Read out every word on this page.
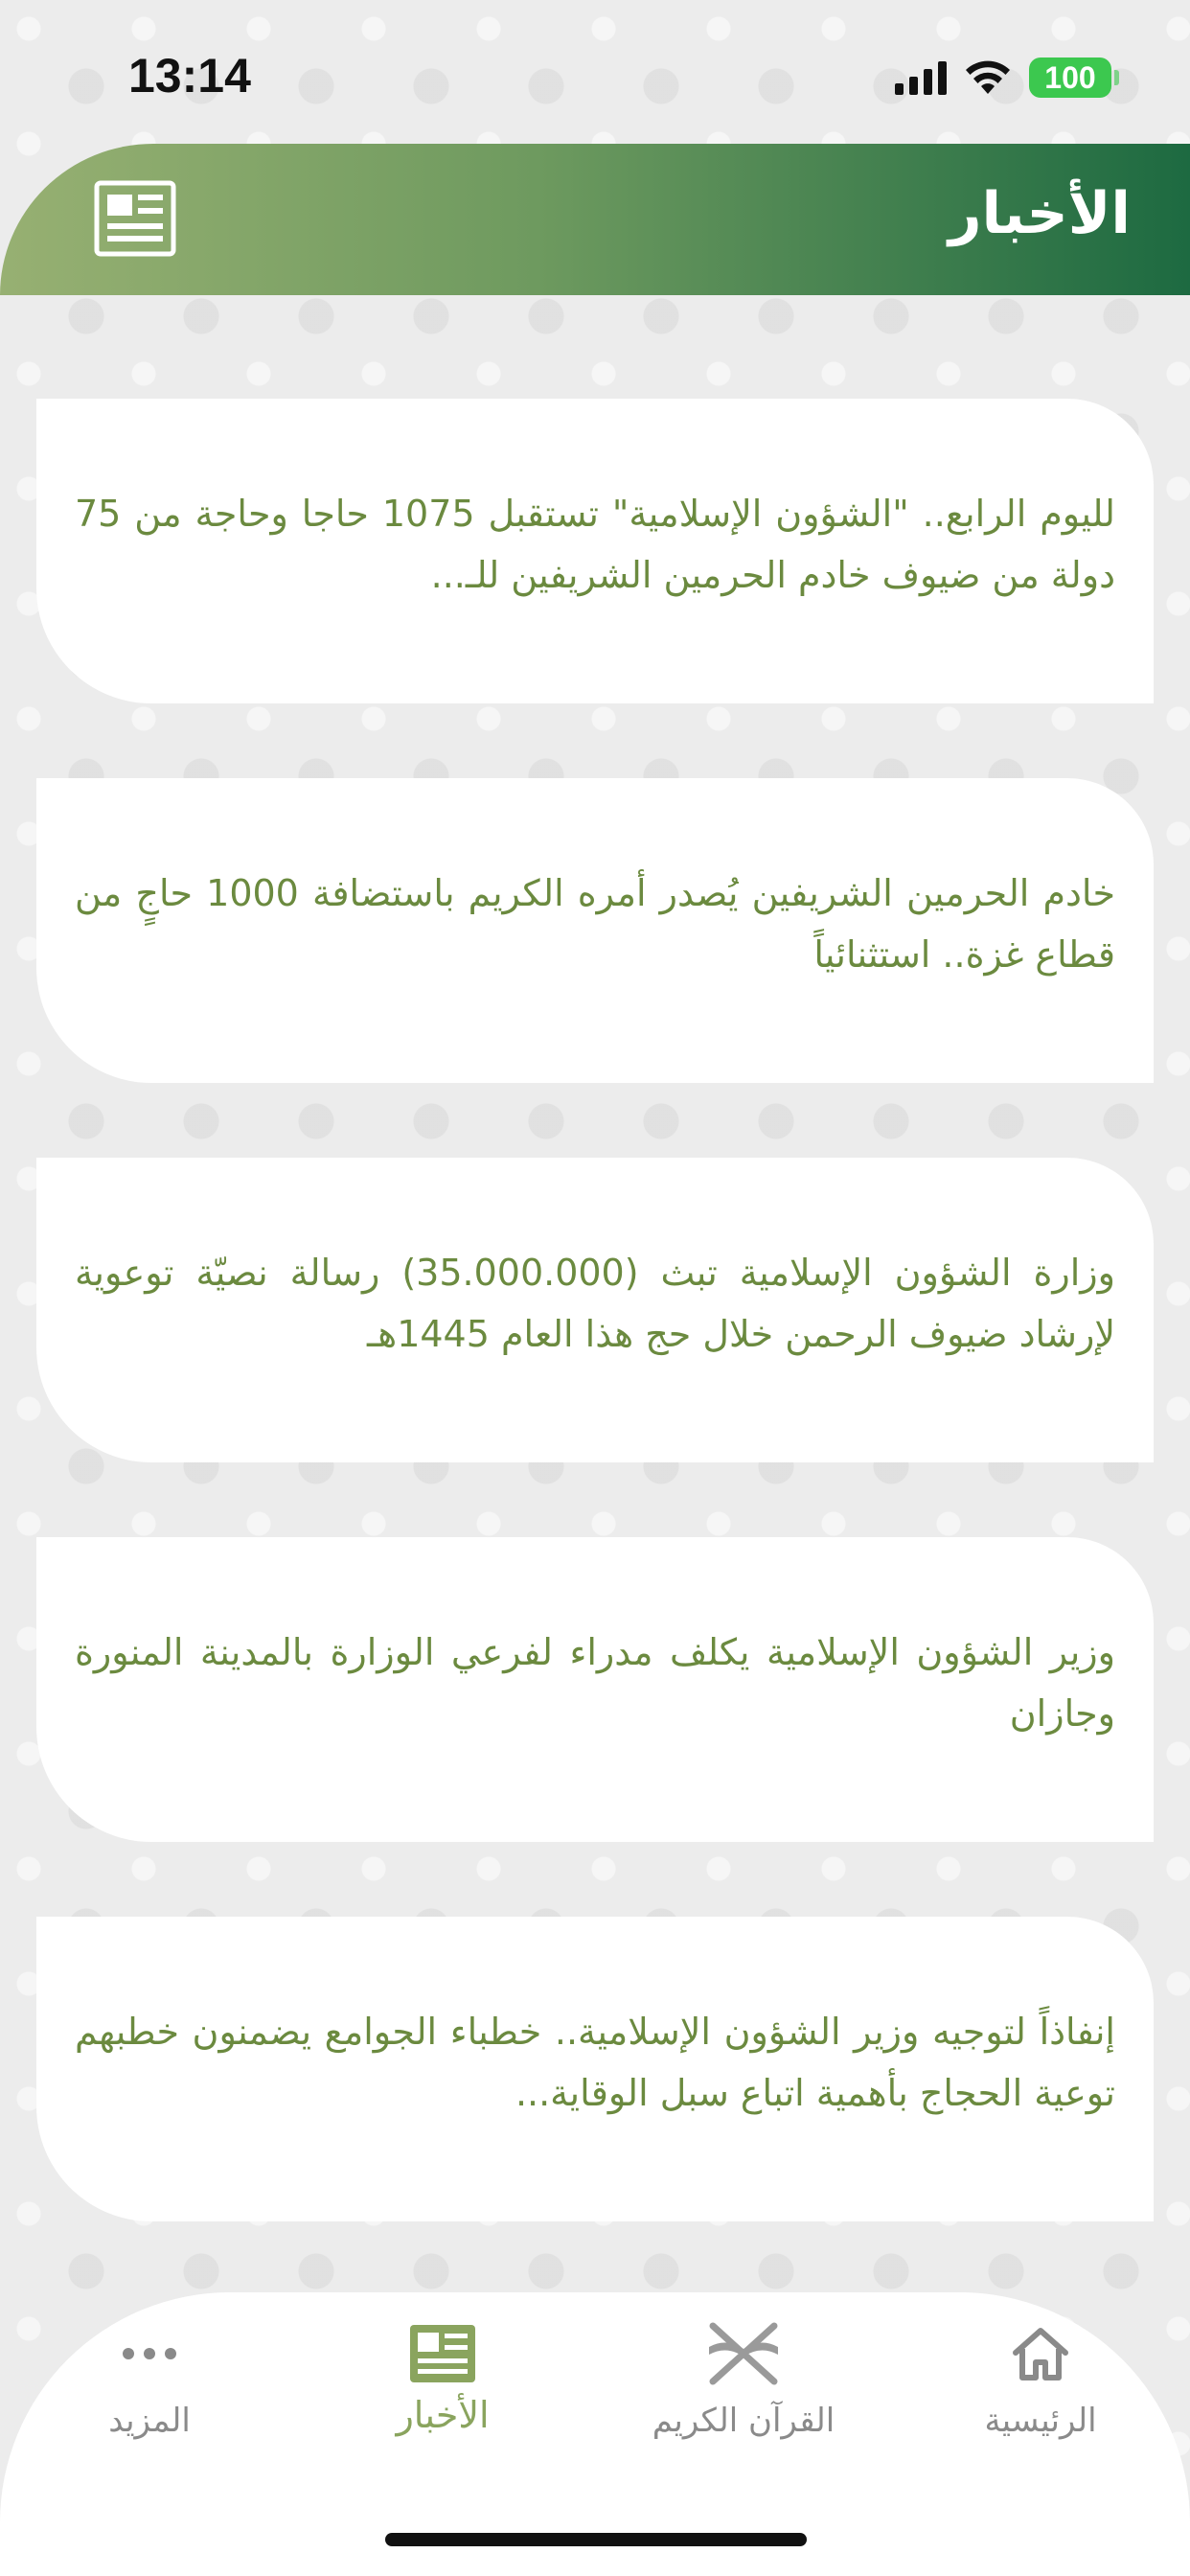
13:14	100
الأخبار
لليوم الرابع.. "الشؤون الإسلامية" تستقبل 1075 حاجا وحاجة من 75 دولة من ضيوف خادم الحرمين الشريفين للـ...
خادم الحرمين الشريفين يُصدر أمره الكريم باستضافة 1000 حاجٍ من قطاع غزة.. استثنائياً
وزارة الشؤون الإسلامية تبث (35.000.000) رسالة نصيّة توعوية لإرشاد ضيوف الرحمن خلال حج هذا العام 1445هـ
وزير الشؤون الإسلامية يكلف مدراء لفرعي الوزارة بالمدينة المنورة وجازان
إنفاذاً لتوجيه وزير الشؤون الإسلامية.. خطباء الجوامع يضمنون خطبهم توعية الحجاج بأهمية اتباع سبل الوقاية...
المزيد	الأخبار	القرآن الكريم	الرئيسية
